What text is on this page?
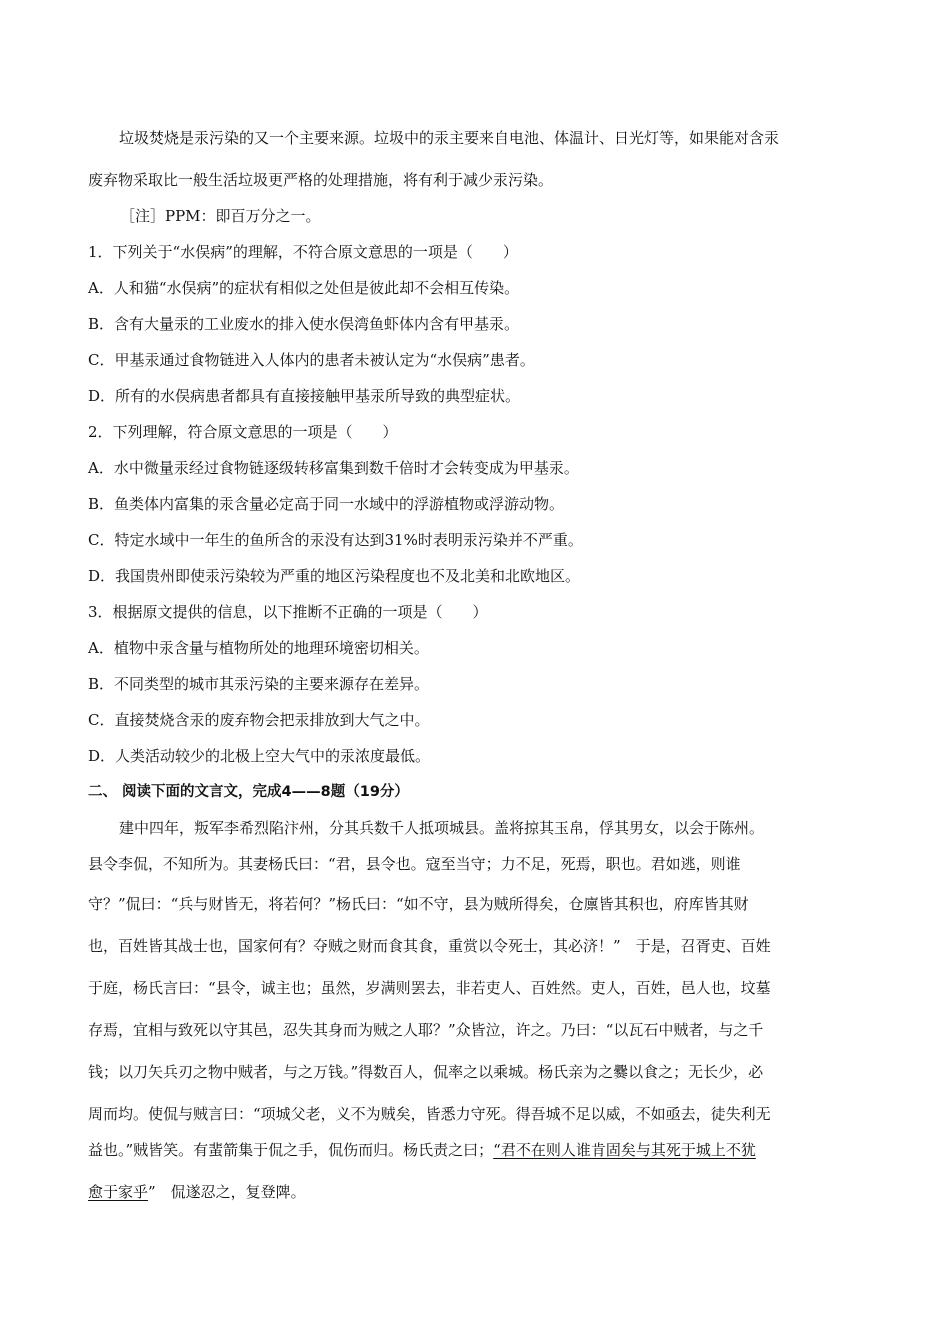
垃圾焚烧是汞污染的又一个主要来源。垃圾中的汞主要来自电池、体温计、日光灯等，如果能对含汞
废弃物采取比一般生活垃圾更严格的处理措施，将有利于减少汞污染。
［注］PPM：即百万分之一。
1．下列关于“水俣病”的理解，不符合原文意思的一项是（　　）
A．人和猫“水俣病”的症状有相似之处但是彼此却不会相互传染。
B．含有大量汞的工业废水的排入使水俣湾鱼虾体内含有甲基汞。
C．甲基汞通过食物链进入人体内的患者未被认定为“水俣病”患者。
D．所有的水俣病患者都具有直接接触甲基汞所导致的典型症状。
2．下列理解，符合原文意思的一项是（　　）
A．水中微量汞经过食物链逐级转移富集到数千倍时才会转变成为甲基汞。
B．鱼类体内富集的汞含量必定高于同一水域中的浮游植物或浮游动物。
C．特定水域中一年生的鱼所含的汞没有达到31%时表明汞污染并不严重。
D．我国贵州即使汞污染较为严重的地区污染程度也不及北美和北欧地区。
3．根据原文提供的信息，以下推断不正确的一项是（　　）
A．植物中汞含量与植物所处的地理环境密切相关。
B．不同类型的城市其汞污染的主要来源存在差异。
C．直接焚烧含汞的废弃物会把汞排放到大气之中。
D．人类活动较少的北极上空大气中的汞浓度最低。
二、 阅读下面的文言文，完成4——8题（19分）
建中四年，叛军李希烈陷汴州，分其兵数千人抵项城县。盖将掠其玉帛，俘其男女，以会于陈州。
县令李侃，不知所为。其妻杨氏曰：“君，县令也。寇至当守；力不足，死焉，职也。君如逃，则谁
守？”侃曰：“兵与财皆无，将若何？”杨氏曰：“如不守，县为贼所得矣，仓廪皆其积也，府库皆其财
也，百姓皆其战士也，国家何有？夺贼之财而食其食，重赏以令死士，其必济！”　于是，召胥吏、百姓
于庭，杨氏言曰：“县令，诚主也；虽然，岁满则罢去，非若吏人、百姓然。吏人，百姓，邑人也，坟墓
存焉，宜相与致死以守其邑，忍失其身而为贼之人耶？”众皆泣，许之。乃曰：“以瓦石中贼者，与之千
钱；以刀矢兵刃之物中贼者，与之万钱。”得数百人，侃率之以乘城。杨氏亲为之爨以食之；无长少，必
周而均。使侃与贼言曰：“项城父老，义不为贼矣，皆悉力守死。得吾城不足以威，不如亟去，徒失利无
益也。”贼皆笑。有蜚箭集于侃之手，侃伤而归。杨氏责之曰；“君不在则人谁肯固矣与其死于城上不犹
愈于家乎”　侃遂忍之，复登陴。
